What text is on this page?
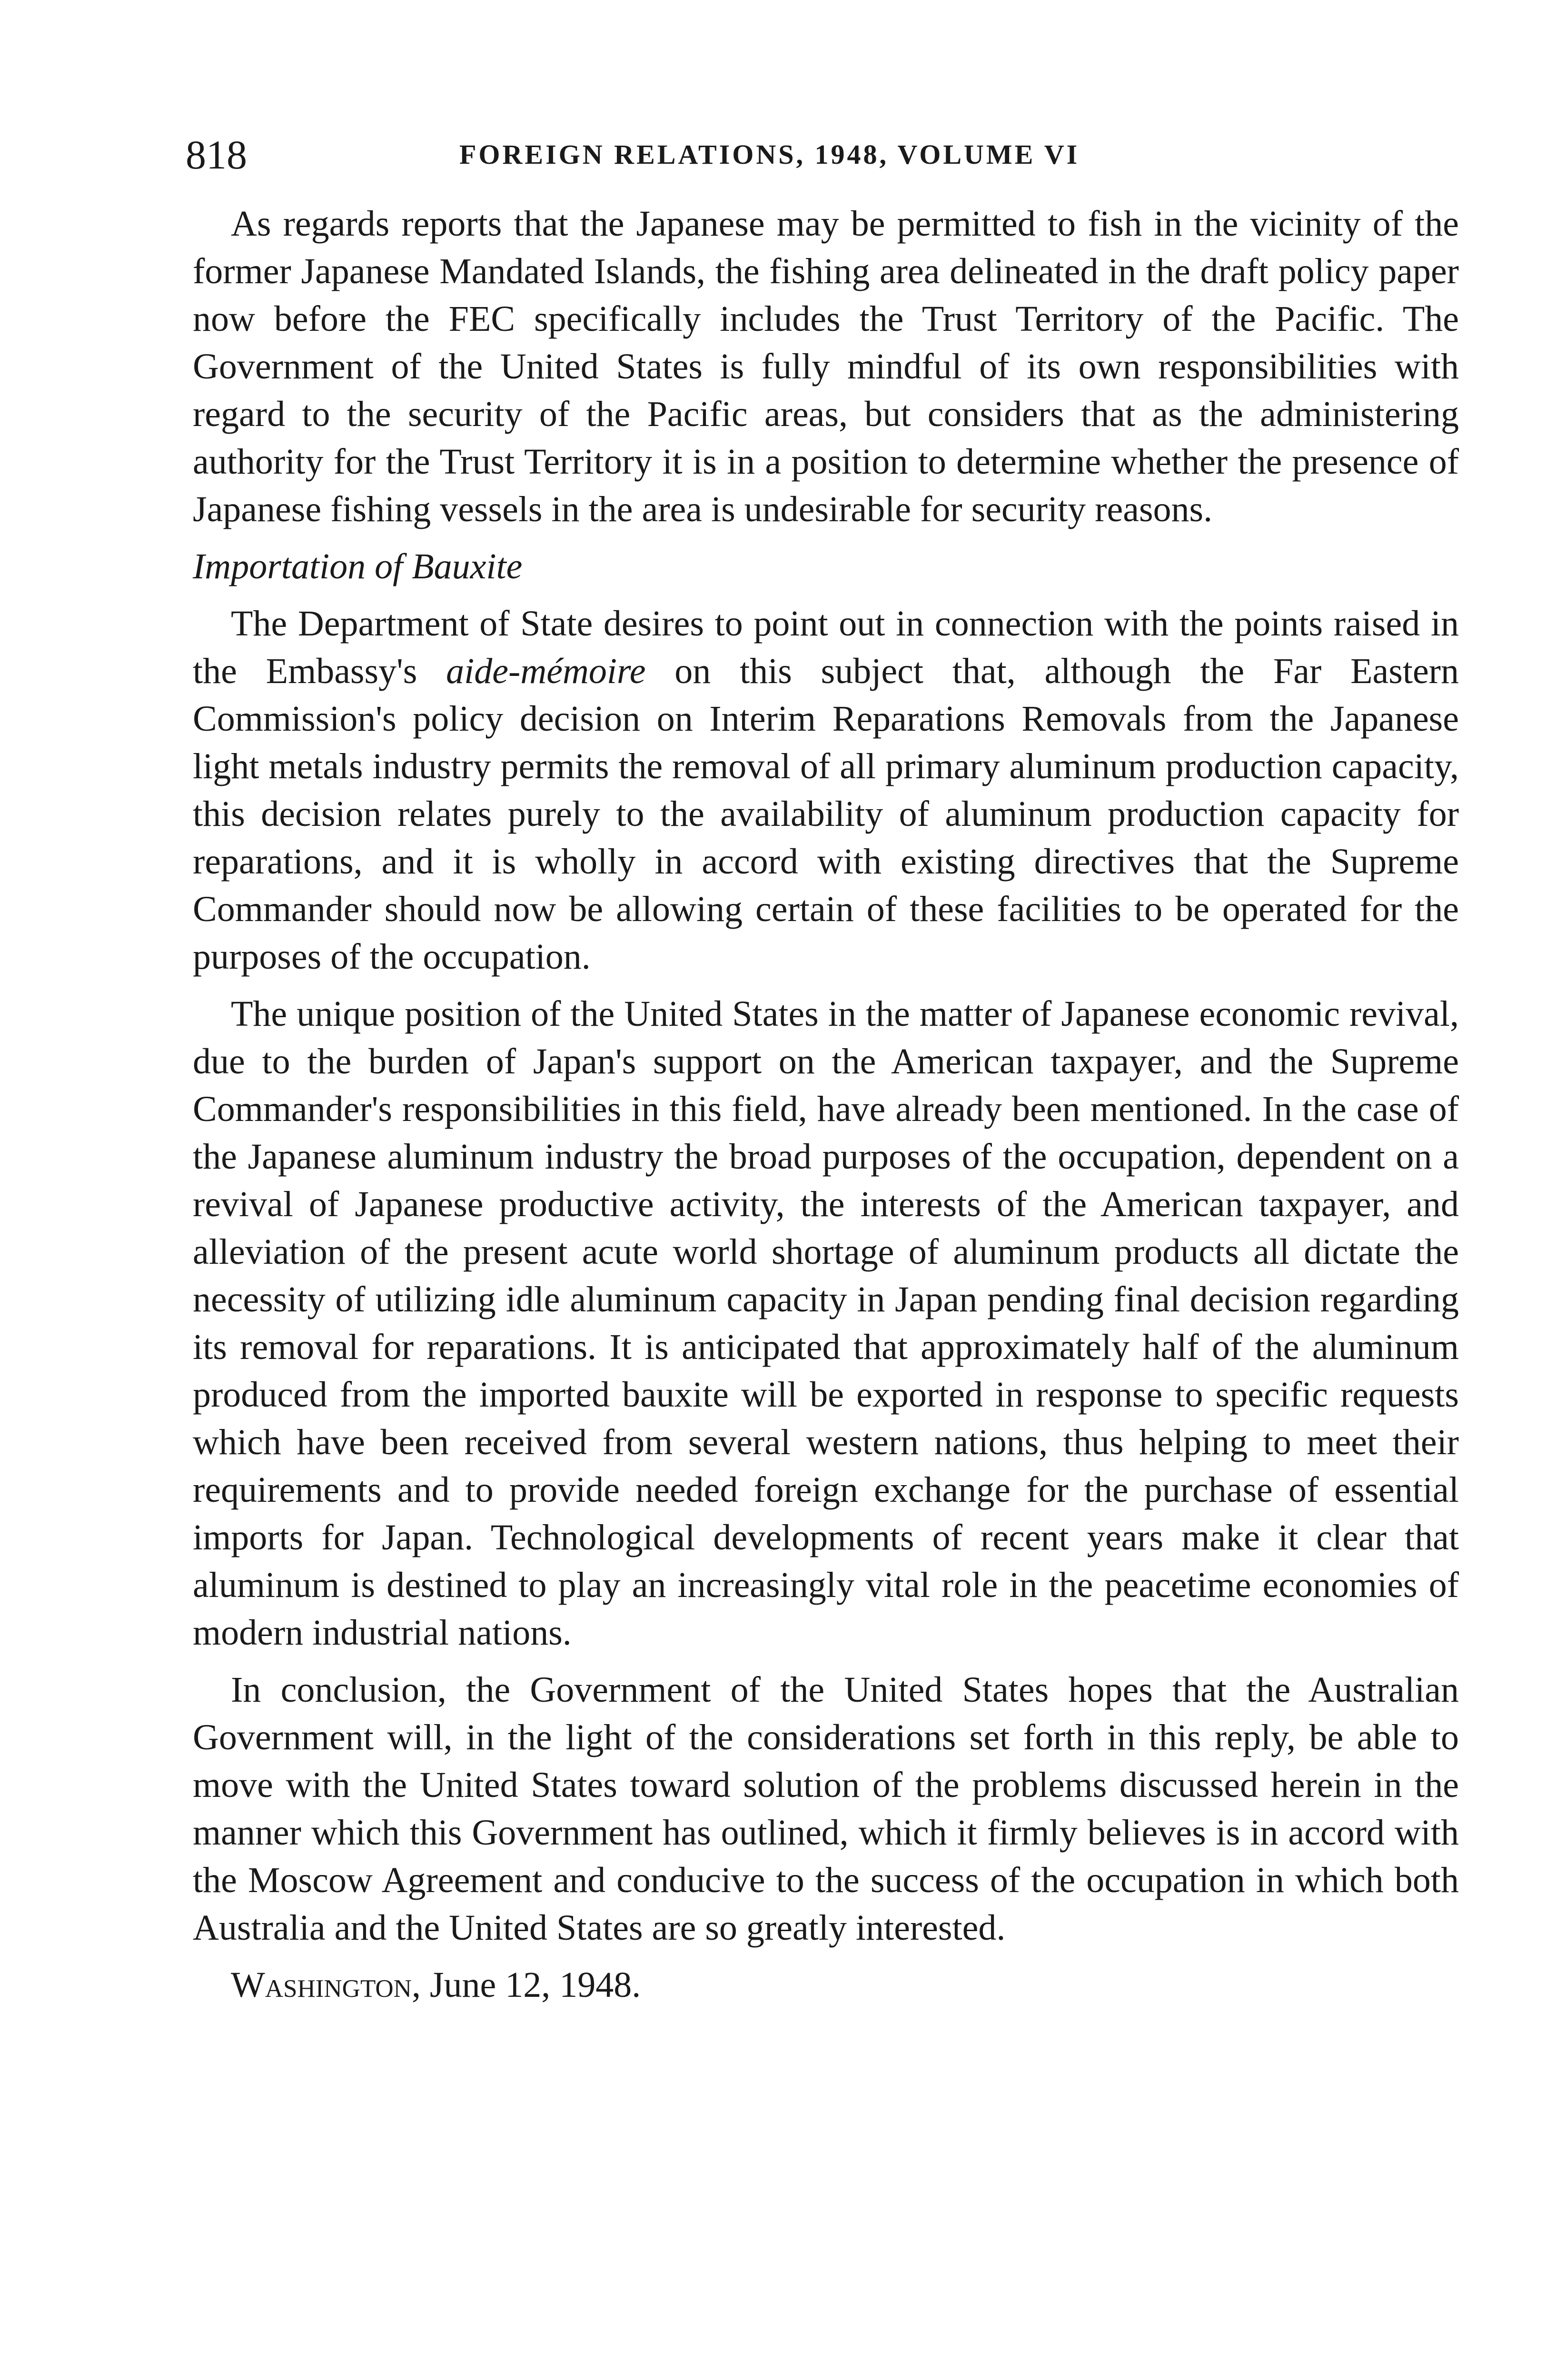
818	FOREIGN RELATIONS, 1948, VOLUME VI

As regards reports that the Japanese may be permitted to fish in the vicinity of the former Japanese Mandated Islands, the fishing area delineated in the draft policy paper now before the FEC specifically includes the Trust Territory of the Pacific. The Government of the United States is fully mindful of its own responsibilities with regard to the security of the Pacific areas, but considers that as the administering authority for the Trust Territory it is in a position to determine whether the presence of Japanese fishing vessels in the area is undesirable for security reasons.

Importation of Bauxite

The Department of State desires to point out in connection with the points raised in the Embassy's aide-mémoire on this subject that, although the Far Eastern Commission's policy decision on Interim Reparations Removals from the Japanese light metals industry permits the removal of all primary aluminum production capacity, this decision relates purely to the availability of aluminum production capacity for reparations, and it is wholly in accord with existing directives that the Supreme Commander should now be allowing certain of these facilities to be operated for the purposes of the occupation.

The unique position of the United States in the matter of Japanese economic revival, due to the burden of Japan's support on the American taxpayer, and the Supreme Commander's responsibilities in this field, have already been mentioned. In the case of the Japanese aluminum industry the broad purposes of the occupation, dependent on a revival of Japanese productive activity, the interests of the American taxpayer, and alleviation of the present acute world shortage of aluminum products all dictate the necessity of utilizing idle aluminum capacity in Japan pending final decision regarding its removal for reparations. It is anticipated that approximately half of the aluminum produced from the imported bauxite will be exported in response to specific requests which have been received from several western nations, thus helping to meet their requirements and to provide needed foreign exchange for the purchase of essential imports for Japan. Technological developments of recent years make it clear that aluminum is destined to play an increasingly vital role in the peacetime economies of modern industrial nations.

In conclusion, the Government of the United States hopes that the Australian Government will, in the light of the considerations set forth in this reply, be able to move with the United States toward solution of the problems discussed herein in the manner which this Government has outlined, which it firmly believes is in accord with the Moscow Agreement and conducive to the success of the occupation in which both Australia and the United States are so greatly interested.

Washington, June 12, 1948.
